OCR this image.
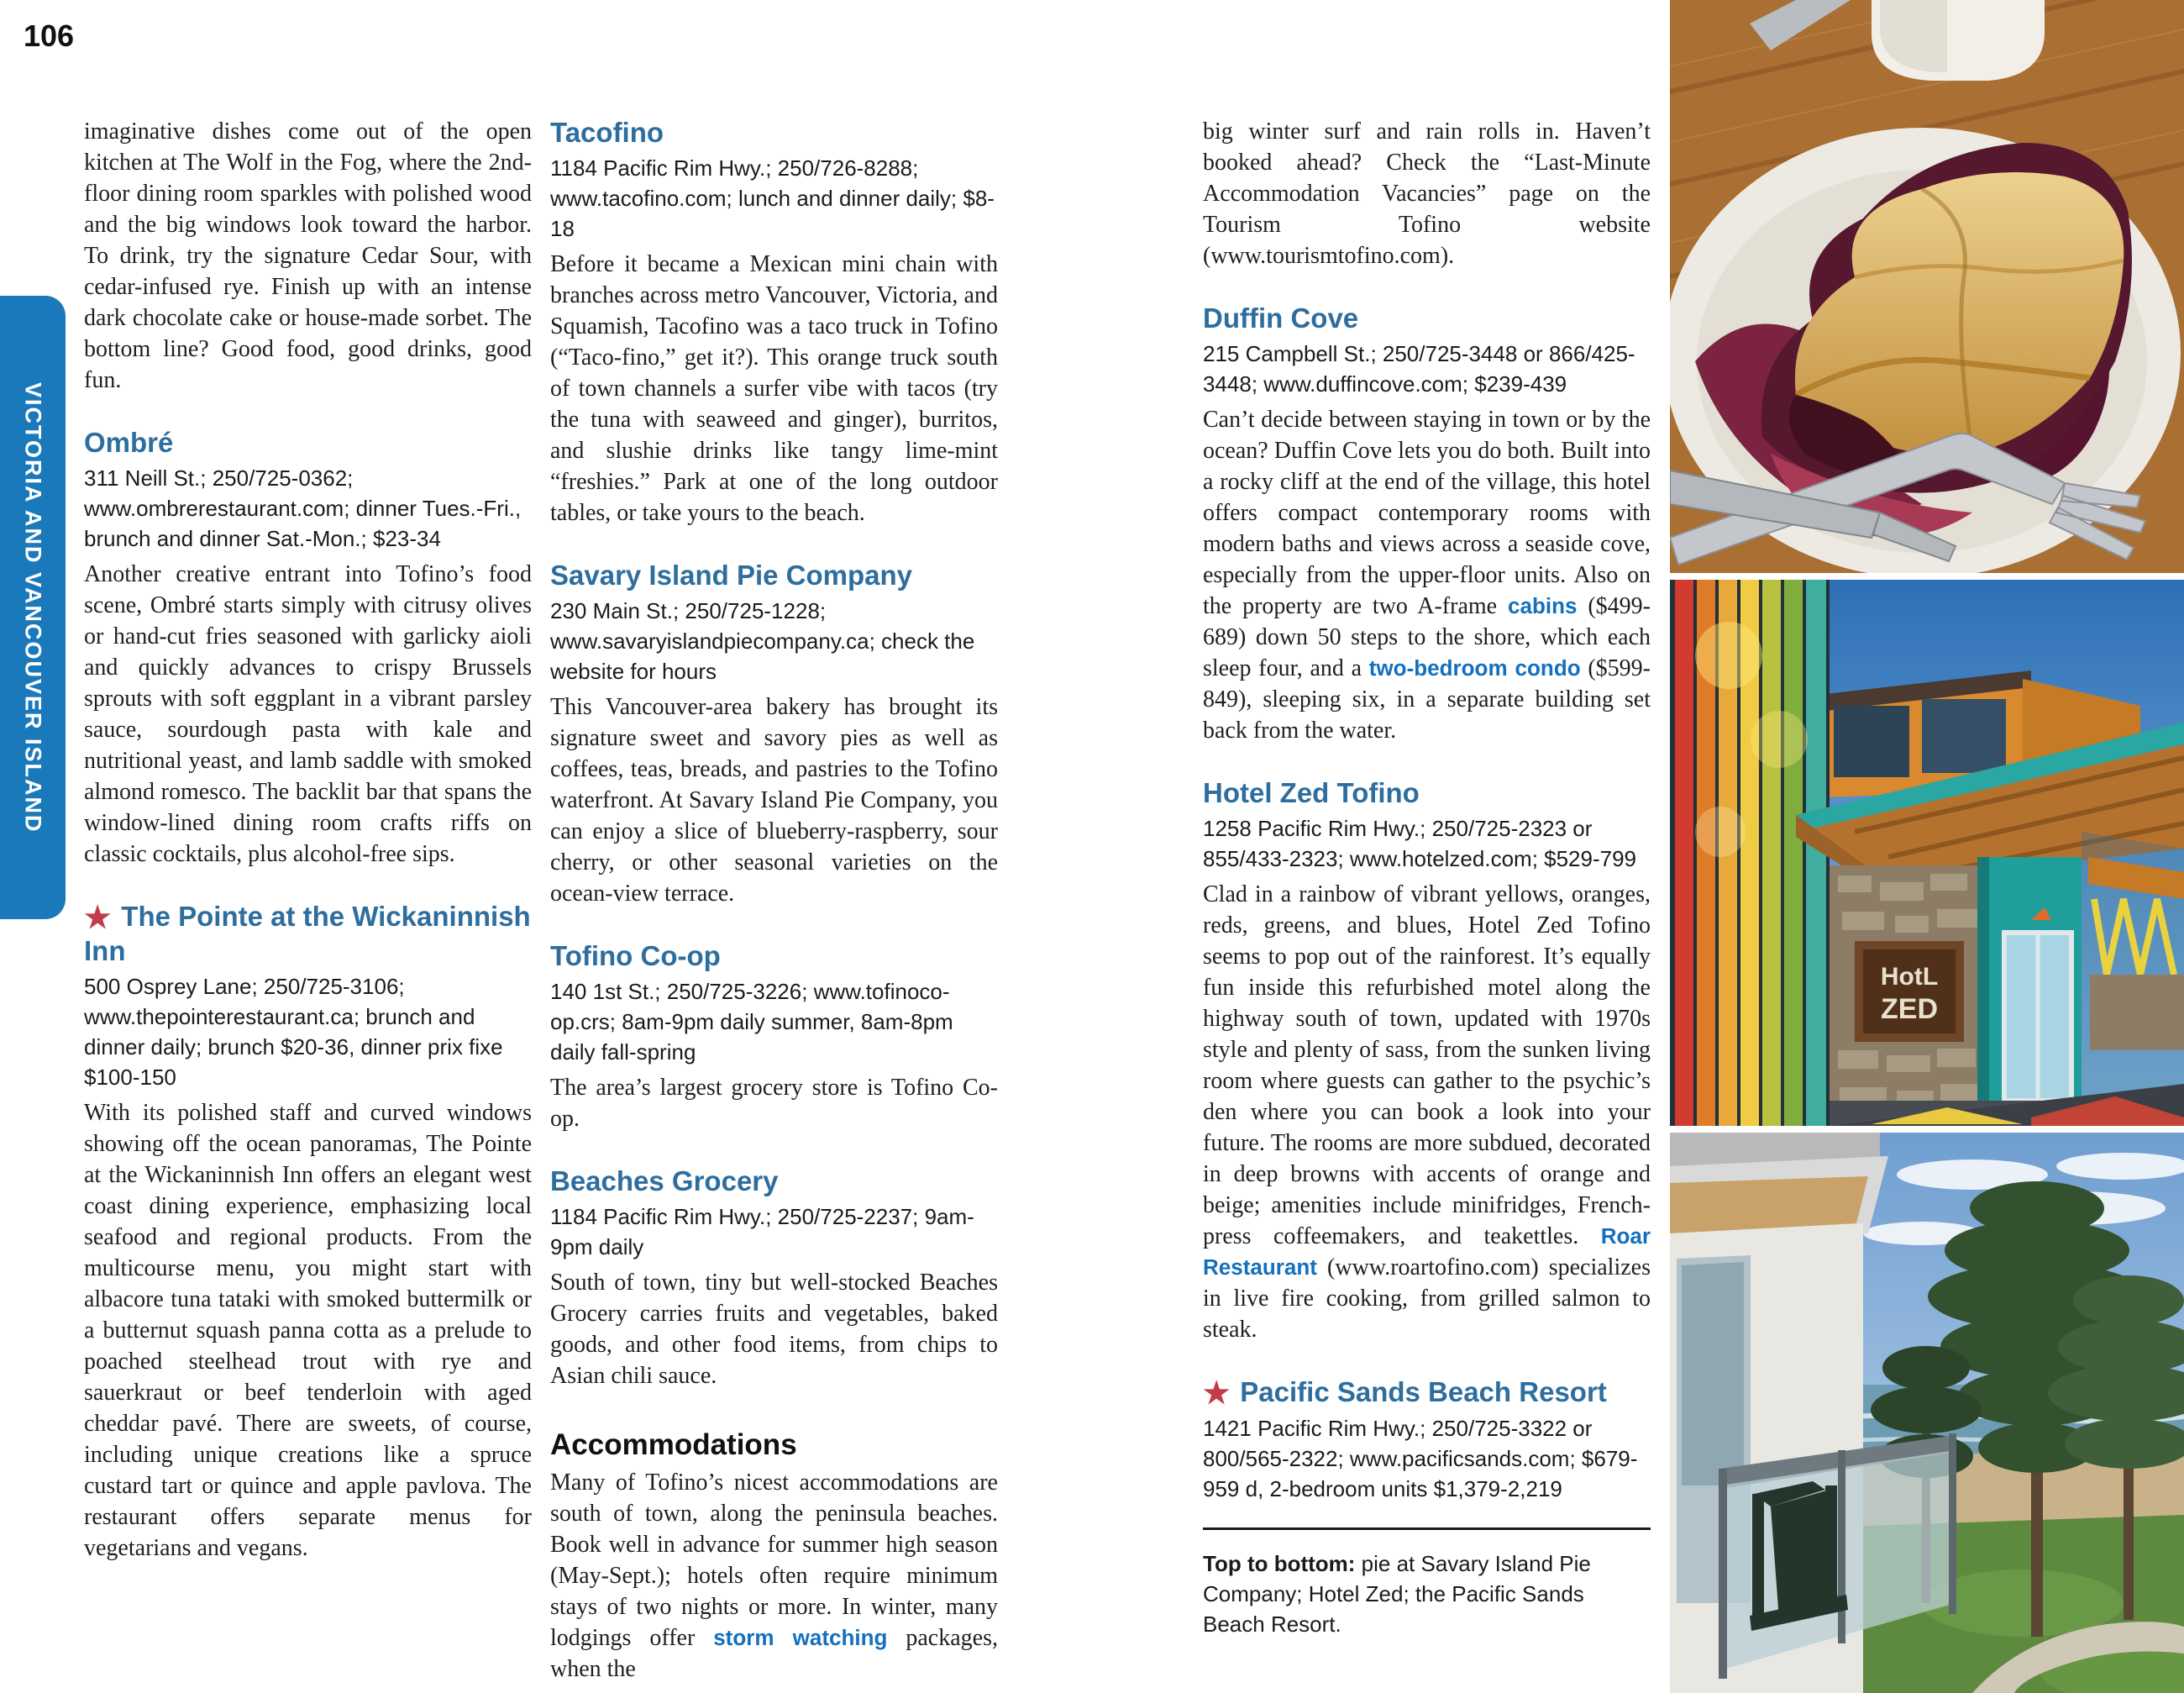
106
VICTORIA AND VANCOUVER ISLAND

imaginative dishes come out of the open kitchen at The Wolf in the Fog, where the 2nd-floor dining room sparkles with polished wood and the big windows look toward the harbor. To drink, try the signature Cedar Sour, with cedar-infused rye. Finish up with an intense dark chocolate cake or house-made sorbet. The bottom line? Good food, good drinks, good fun.

Ombré

311 Neill St.; 250/725-0362; www.ombrerestaurant.com; dinner Tues.-Fri., brunch and dinner Sat.-Mon.; $23-34

Another creative entrant into Tofino’s food scene, Ombré starts simply with citrusy olives or hand-cut fries seasoned with garlicky aioli and quickly advances to crispy Brussels sprouts with soft eggplant in a vibrant parsley sauce, sourdough pasta with kale and nutritional yeast, and lamb saddle with smoked almond romesco. The backlit bar that spans the window-lined dining room crafts riffs on classic cocktails, plus alcohol-free sips.

★ The Pointe at the Wickaninnish Inn

500 Osprey Lane; 250/725-3106; www.thepointerestaurant.ca; brunch and dinner daily; brunch $20-36, dinner prix fixe $100-150

With its polished staff and curved windows showing off the ocean panoramas, The Pointe at the Wickaninnish Inn offers an elegant west coast dining experience, emphasizing local seafood and regional products. From the multicourse menu, you might start with albacore tuna tataki with smoked buttermilk or a butternut squash panna cotta as a prelude to poached steelhead trout with rye and sauerkraut or beef tenderloin with aged cheddar pavé. There are sweets, of course, including unique creations like a spruce custard tart or quince and apple pavlova. The restaurant offers separate menus for vegetarians and vegans.

Tacofino

1184 Pacific Rim Hwy.; 250/726-8288; www.tacofino.com; lunch and dinner daily; $8-18

Before it became a Mexican mini chain with branches across metro Vancouver, Victoria, and Squamish, Tacofino was a taco truck in Tofino (“Taco-fino,” get it?). This orange truck south of town channels a surfer vibe with tacos (try the tuna with seaweed and ginger), burritos, and slushie drinks like tangy lime-mint “freshies.” Park at one of the long outdoor tables, or take yours to the beach.

Savary Island Pie Company

230 Main St.; 250/725-1228; www.savaryislandpiecompany.ca; check the website for hours

This Vancouver-area bakery has brought its signature sweet and savory pies as well as coffees, teas, breads, and pastries to the Tofino waterfront. At Savary Island Pie Company, you can enjoy a slice of blueberry-raspberry, sour cherry, or other seasonal varieties on the ocean-view terrace.

Tofino Co-op

140 1st St.; 250/725-3226; www.tofinoco-op.crs; 8am-9pm daily summer, 8am-8pm daily fall-spring

The area’s largest grocery store is Tofino Co-op.

Beaches Grocery

1184 Pacific Rim Hwy.; 250/725-2237; 9am-9pm daily

South of town, tiny but well-stocked Beaches Grocery carries fruits and vegetables, baked goods, and other food items, from chips to Asian chili sauce.

Accommodations

Many of Tofino’s nicest accommodations are south of town, along the peninsula beaches. Book well in advance for summer high season (May-Sept.); hotels often require minimum stays of two nights or more. In winter, many lodgings offer storm watching packages, when the

big winter surf and rain rolls in. Haven’t booked ahead? Check the “Last-Minute Accommodation Vacancies” page on the Tourism Tofino website (www.tourismtofino.com).

Duffin Cove

215 Campbell St.; 250/725-3448 or 866/425-3448; www.duffincove.com; $239-439

Can’t decide between staying in town or by the ocean? Duffin Cove lets you do both. Built into a rocky cliff at the end of the village, this hotel offers compact contemporary rooms with modern baths and views across a seaside cove, especially from the upper-floor units. Also on the property are two A-frame cabins ($499-689) down 50 steps to the shore, which each sleep four, and a two-bedroom condo ($599-849), sleeping six, in a separate building set back from the water.

Hotel Zed Tofino

1258 Pacific Rim Hwy.; 250/725-2323 or 855/433-2323; www.hotelzed.com; $529-799

Clad in a rainbow of vibrant yellows, oranges, reds, greens, and blues, Hotel Zed Tofino seems to pop out of the rainforest. It’s equally fun inside this refurbished motel along the highway south of town, updated with 1970s style and plenty of sass, from the sunken living room where guests can gather to the psychic’s den where you can book a look into your future. The rooms are more subdued, decorated in deep browns with accents of orange and beige; amenities include minifridges, French-press coffeemakers, and teakettles. Roar Restaurant (www.roartofino.com) specializes in live fire cooking, from grilled salmon to steak.

★ Pacific Sands Beach Resort

1421 Pacific Rim Hwy.; 250/725-3322 or 800/565-2322; www.pacificsands.com; $679-959 d, 2-bedroom units $1,379-2,219

Top to bottom: pie at Savary Island Pie Company; Hotel Zed; the Pacific Sands Beach Resort.

HotL
ZED
